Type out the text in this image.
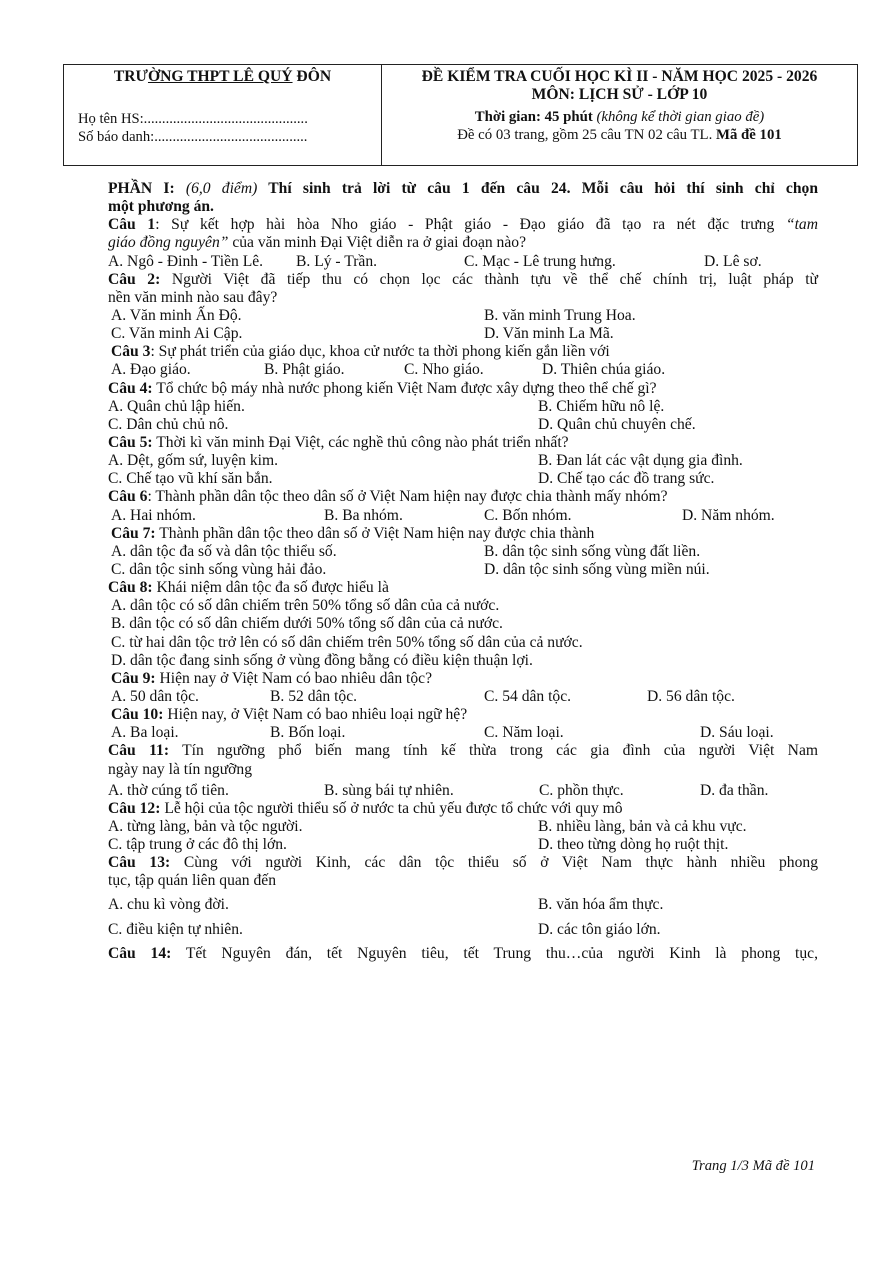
TRƯỜNG THPT LÊ QUÝ ĐÔN
Họ tên HS:.............................................
Số báo danh:..........................................
ĐỀ KIỂM TRA CUỐI HỌC KÌ II - NĂM HỌC 2025 - 2026
MÔN: LỊCH SỬ - LỚP 10
Thời gian: 45 phút (không kể thời gian giao đề)
Đề có 03 trang, gồm 25 câu TN 02 câu TL. Mã đề 101
PHẦN I: (6,0 điểm) Thí sinh trả lời từ câu 1 đến câu 24. Mỗi câu hỏi thí sinh chỉ chọn
một phương án.
Câu 1: Sự kết hợp hài hòa Nho giáo - Phật giáo - Đạo giáo đã tạo ra nét đặc trưng “tam
giáo đồng nguyên” của văn minh Đại Việt diễn ra ở giai đoạn nào?
A. Ngô - Đinh - Tiền Lê. B. Lý - Trần.	C. Mạc - Lê trung hưng.	D. Lê sơ.
Câu 2: Người Việt đã tiếp thu có chọn lọc các thành tựu về thể chế chính trị, luật pháp từ
nền văn minh nào sau đây?
A. Văn minh Ấn Độ.	B. văn minh Trung Hoa.
C. Văn minh Ai Cập.	D. Văn minh La Mã.
Câu 3: Sự phát triển của giáo dục, khoa cử nước ta thời phong kiến gắn liền với
A. Đạo giáo.	B. Phật giáo.	C. Nho giáo.	D. Thiên chúa giáo.
Câu 4: Tổ chức bộ máy nhà nước phong kiến Việt Nam được xây dựng theo thể chế gì?
A. Quân chủ lập hiến.	B. Chiếm hữu nô lệ.
C. Dân chủ chủ nô.	D. Quân chủ chuyên chế.
Câu 5: Thời kì văn minh Đại Việt, các nghề thủ công nào phát triển nhất?
A. Dệt, gốm sứ, luyện kim.	B. Đan lát các vật dụng gia đình.
C. Chế tạo vũ khí săn bắn.	D. Chế tạo các đồ trang sức.
Câu 6: Thành phần dân tộc theo dân số ở Việt Nam hiện nay được chia thành mấy nhóm?
A. Hai nhóm.	B. Ba nhóm.	C. Bốn nhóm.	D. Năm nhóm.
Câu 7: Thành phần dân tộc theo dân số ở Việt Nam hiện nay được chia thành
A. dân tộc đa số và dân tộc thiểu số.	B. dân tộc sinh sống vùng đất liền.
C. dân tộc sinh sống vùng hải đảo.	D. dân tộc sinh sống vùng miền núi.
Câu 8: Khái niệm dân tộc đa số được hiểu là
A. dân tộc có số dân chiếm trên 50% tổng số dân của cả nước.
B. dân tộc có số dân chiếm dưới 50% tổng số dân của cả nước.
C. từ hai dân tộc trở lên có số dân chiếm trên 50% tổng số dân của cả nước.
D. dân tộc đang sinh sống ở vùng đồng bằng có điều kiện thuận lợi.
Câu 9: Hiện nay ở Việt Nam có bao nhiêu dân tộc?
A. 50 dân tộc.	B. 52 dân tộc.	C. 54 dân tộc.	D. 56 dân tộc.
Câu 10: Hiện nay, ở Việt Nam có bao nhiêu loại ngữ hệ?
A. Ba loại.	B. Bốn loại.	C. Năm loại.	D. Sáu loại.
Câu 11: Tín ngưỡng phổ biến mang tính kế thừa trong các gia đình của người Việt Nam
ngày nay là tín ngưỡng
A. thờ cúng tổ tiên.	B. sùng bái tự nhiên.	C. phồn thực.	D. đa thần.
Câu 12: Lễ hội của tộc người thiểu số ở nước ta chủ yếu được tổ chức với quy mô
A. từng làng, bản và tộc người.	B. nhiều làng, bản và cả khu vực.
C. tập trung ở các đô thị lớn.	D. theo từng dòng họ ruột thịt.
Câu 13: Cùng với người Kinh, các dân tộc thiểu số ở Việt Nam thực hành nhiều phong
tục, tập quán liên quan đến
A. chu kì vòng đời.	B. văn hóa ẩm thực.
C. điều kiện tự nhiên.	D. các tôn giáo lớn.
Câu 14: Tết Nguyên đán, tết Nguyên tiêu, tết Trung thu…của người Kinh là phong tục,
Trang 1/3 Mã đề 101
